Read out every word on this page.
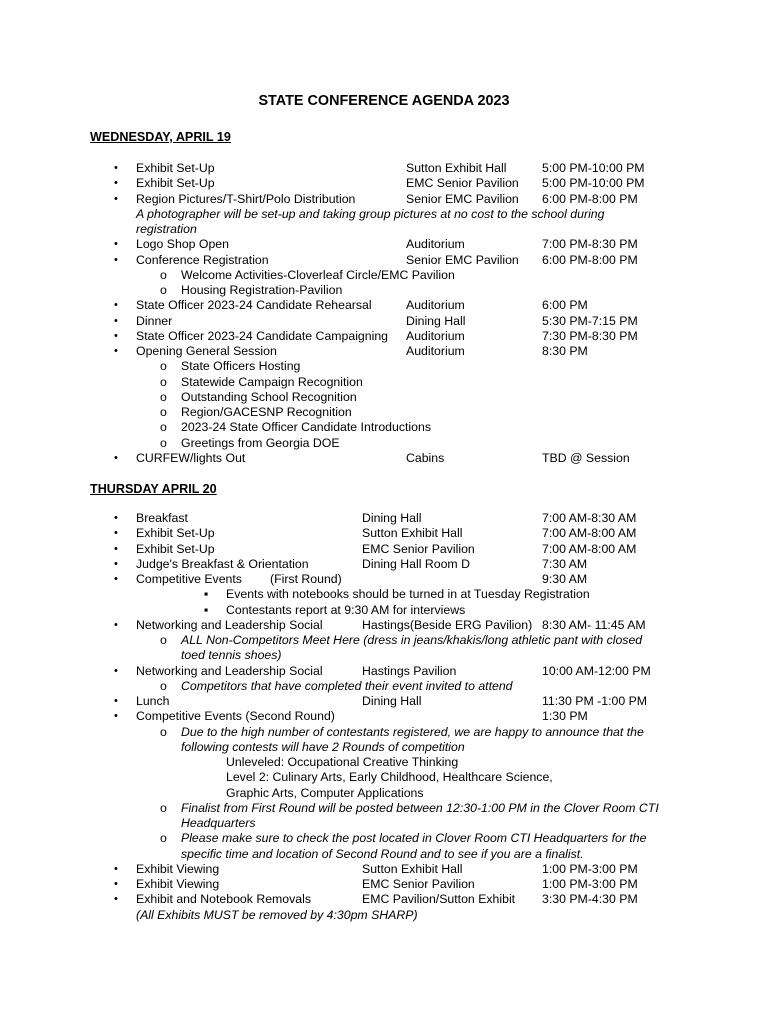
STATE CONFERENCE AGENDA 2023
WEDNESDAY, APRIL 19
• Exhibit Set-Up	Sutton Exhibit Hall	5:00 PM-10:00 PM
• Exhibit Set-Up	EMC Senior Pavilion 5:00 PM-10:00 PM
• Region Pictures/T-Shirt/Polo Distribution	Senior EMC Pavilion 6:00 PM-8:00 PM
A photographer will be set-up and taking group pictures at no cost to the school during
registration
• Logo Shop Open	Auditorium	7:00 PM-8:30 PM
• Conference Registration	Senior EMC Pavilion 6:00 PM-8:00 PM
o Welcome Activities-Cloverleaf Circle/EMC Pavilion
o Housing Registration-Pavilion
• State Officer 2023-24 Candidate Rehearsal	Auditorium	6:00 PM
• Dinner	Dining Hall	5:30 PM-7:15 PM
• State Officer 2023-24 Candidate Campaigning Auditorium	7:30 PM-8:30 PM
• Opening General Session	Auditorium	8:30 PM
o State Officers Hosting
o Statewide Campaign Recognition
o Outstanding School Recognition
o Region/GACESNP Recognition
o 2023-24 State Officer Candidate Introductions
o Greetings from Georgia DOE
• CURFEW/lights Out	Cabins	TBD @ Session
THURSDAY APRIL 20
• Breakfast	Dining Hall	7:00 AM-8:30 AM
• Exhibit Set-Up	Sutton Exhibit Hall	7:00 AM-8:00 AM
• Exhibit Set-Up	EMC Senior Pavilion	7:00 AM-8:00 AM
• Judge's Breakfast & Orientation	Dining Hall Room D	7:30 AM
• Competitive Events (First Round)	9:30 AM
▪ Events with notebooks should be turned in at Tuesday Registration
▪ Contestants report at 9:30 AM for interviews
• Networking and Leadership Social	Hastings(Beside ERG Pavilion) 8:30 AM- 11:45 AM
o ALL Non-Competitors Meet Here (dress in jeans/khakis/long athletic pant with closed
toed tennis shoes)
• Networking and Leadership Social	Hastings Pavilion	10:00 AM-12:00 PM
o Competitors that have completed their event invited to attend
• Lunch	Dining Hall	11:30 PM -1:00 PM
• Competitive Events (Second Round)	1:30 PM
o Due to the high number of contestants registered, we are happy to announce that the
following contests will have 2 Rounds of competition
Unleveled: Occupational Creative Thinking
Level 2: Culinary Arts, Early Childhood, Healthcare Science,
Graphic Arts, Computer Applications
o Finalist from First Round will be posted between 12:30-1:00 PM in the Clover Room CTI
Headquarters
o Please make sure to check the post located in Clover Room CTI Headquarters for the
specific time and location of Second Round and to see if you are a finalist.
• Exhibit Viewing	Sutton Exhibit Hall	1:00 PM-3:00 PM
• Exhibit Viewing	EMC Senior Pavilion	1:00 PM-3:00 PM
• Exhibit and Notebook Removals	EMC Pavilion/Sutton Exhibit 3:30 PM-4:30 PM
(All Exhibits MUST be removed by 4:30pm SHARP)
